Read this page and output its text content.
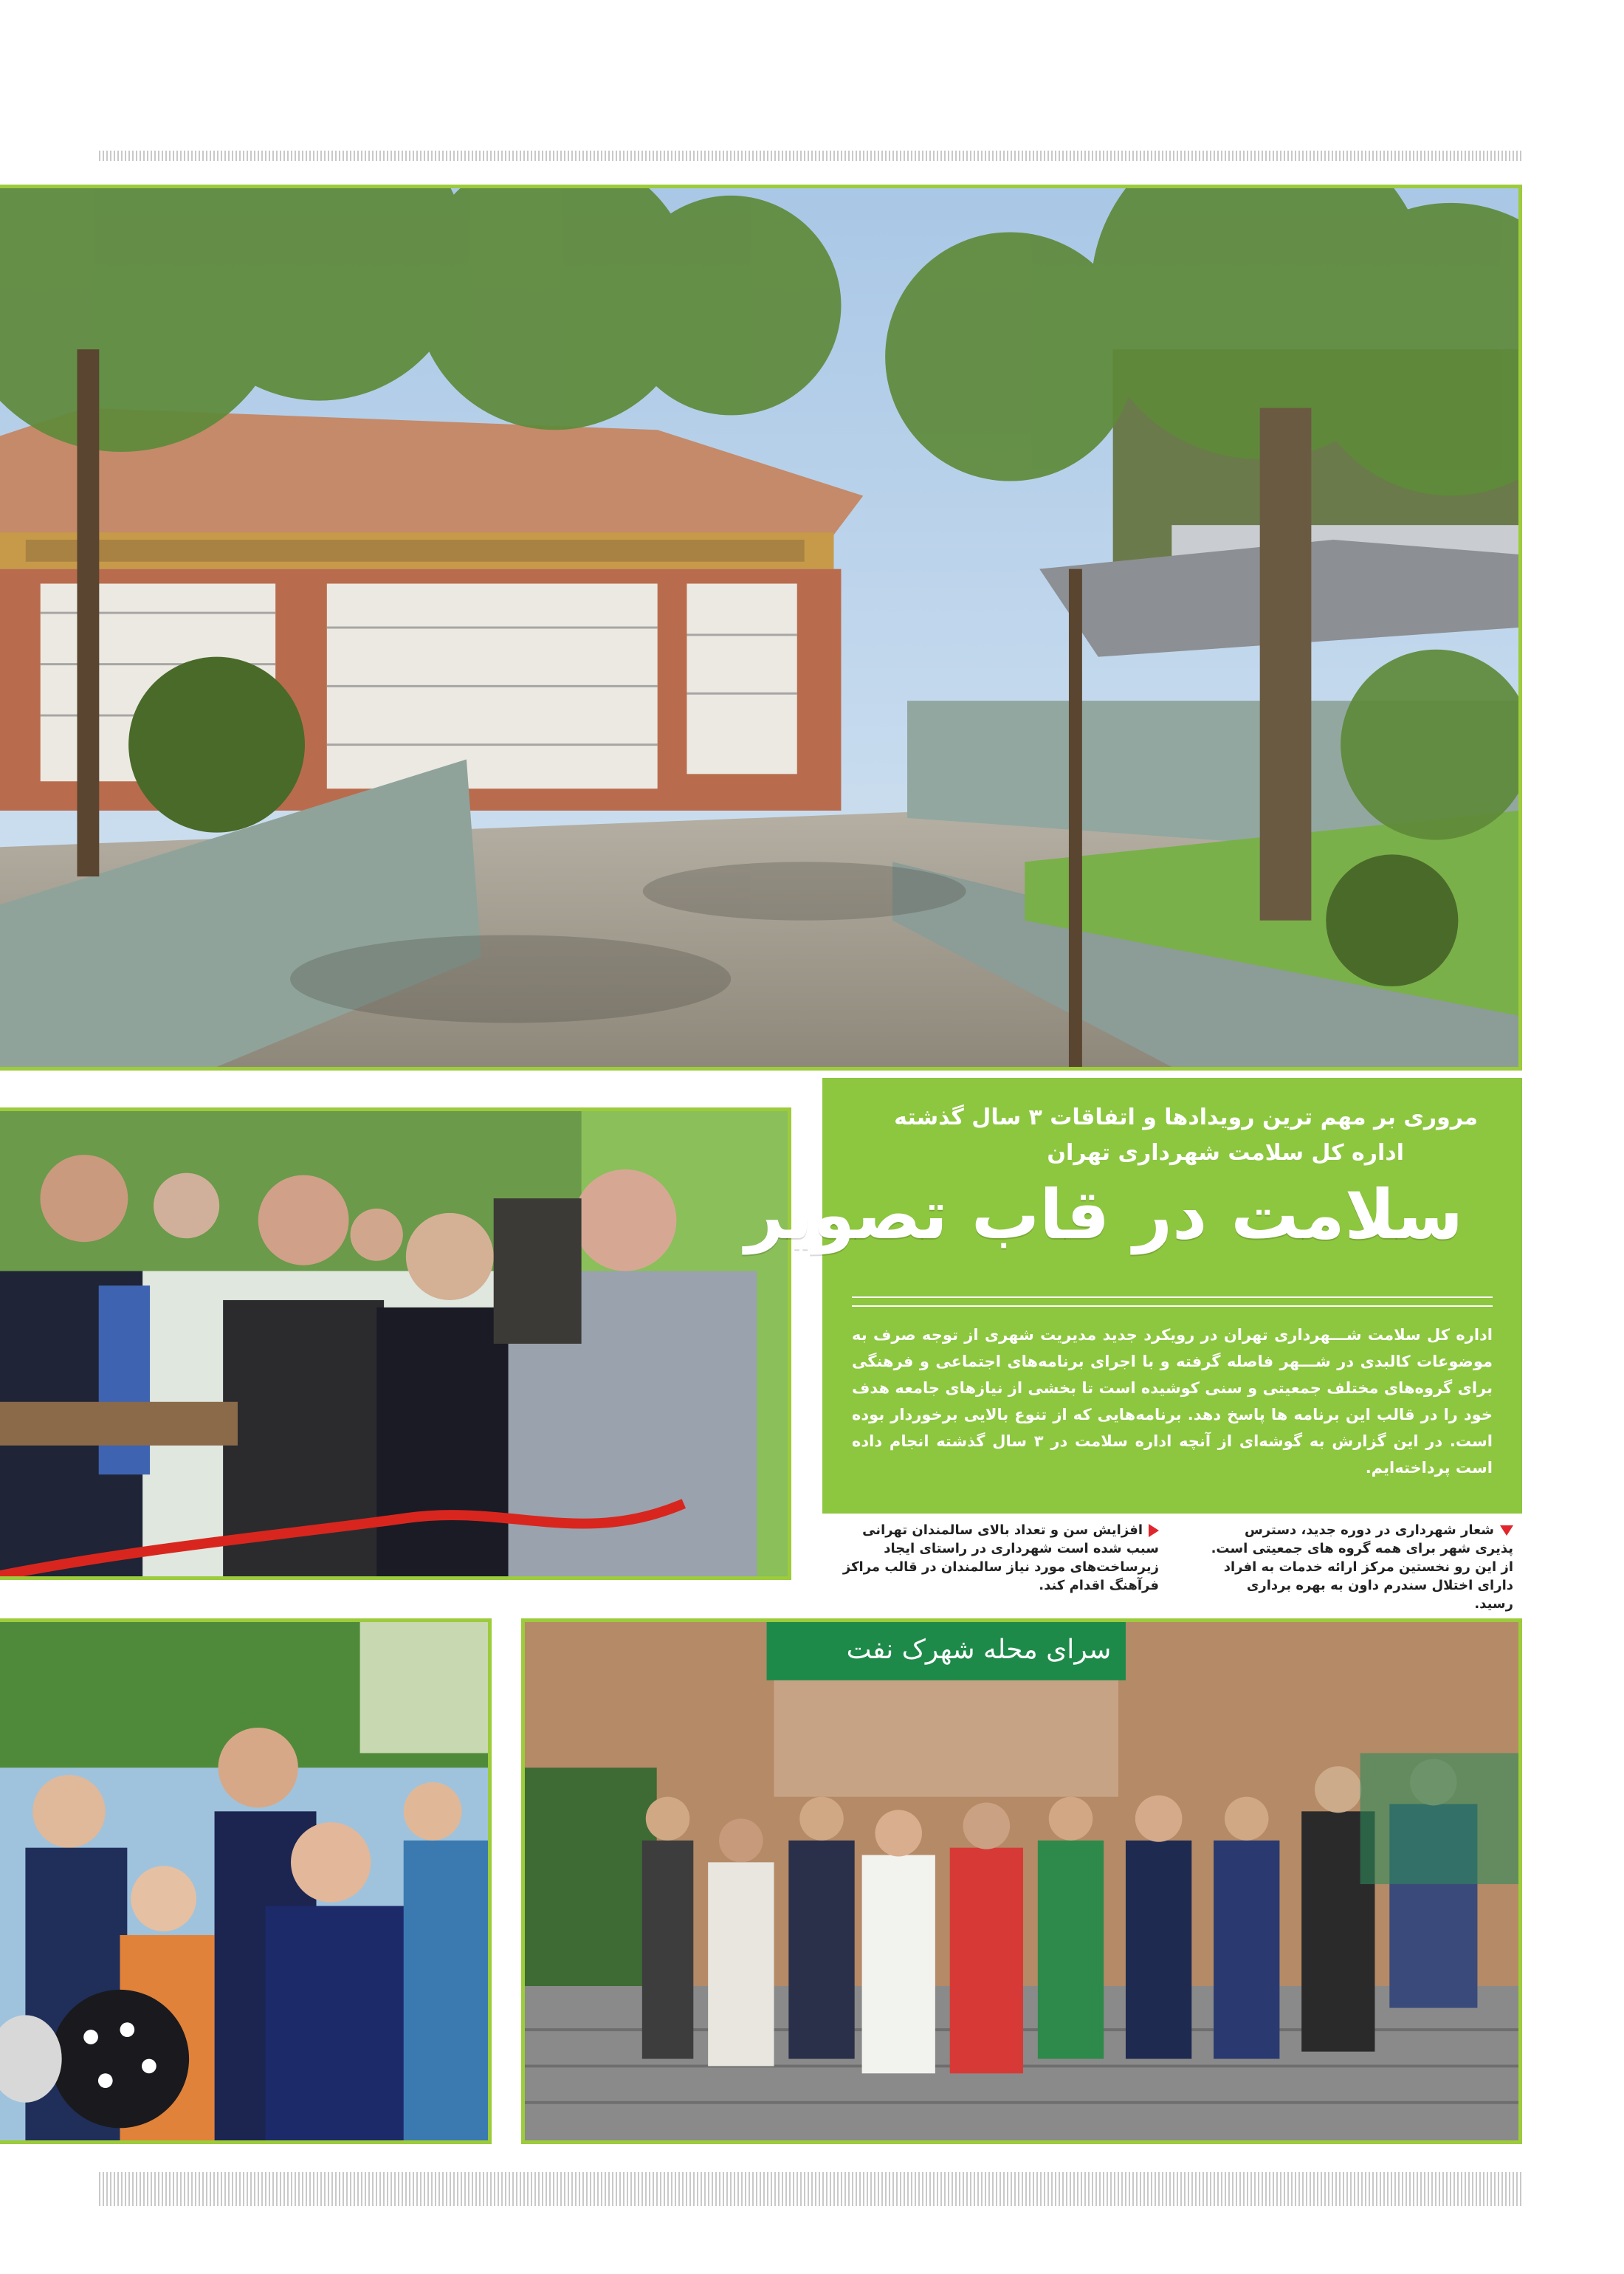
مروری بر مهم ترین رویدادها و اتفاقات ۳ سال گذشته
اداره کل سلامت شهرداری تهران
سلامت در قاب تصویر
اداره کل سلامت شـــهرداری تهران در رویکرد جدید مدیریت شهری از توجه صرف به موضوعات کالبدی در شـــهر فاصله گرفته و با اجرای برنامه‌های اجتماعی و فرهنگی برای گروه‌های مختلف جمعیتی و سنی کوشیده است تا بخشی از نیازهای جامعه هدف خود را در قالب این برنامه ها پاسخ دهد. برنامه‌هایی که از تنوع بالایی برخوردار بوده است. در این گزارش به گوشه‌ای از آنچه اداره سلامت در ۳ سال گذشته انجام داده است پرداخته‌ایم.
شعار شهرداری در دوره جدید، دسترس پذیری شهر برای همه گروه های جمعیتی است. از این رو نخستین مرکز ارائه خدمات به افراد دارای اختلال سندرم داون به بهره برداری رسید.
افزایش سن و تعداد بالای سالمندان تهرانی سبب شده است شهرداری در راستای ایجاد زیرساخت‌های مورد نیاز سالمندان در قالب مراکز فرآهنگ اقدام کند.
سرای محله شهرک نفت
